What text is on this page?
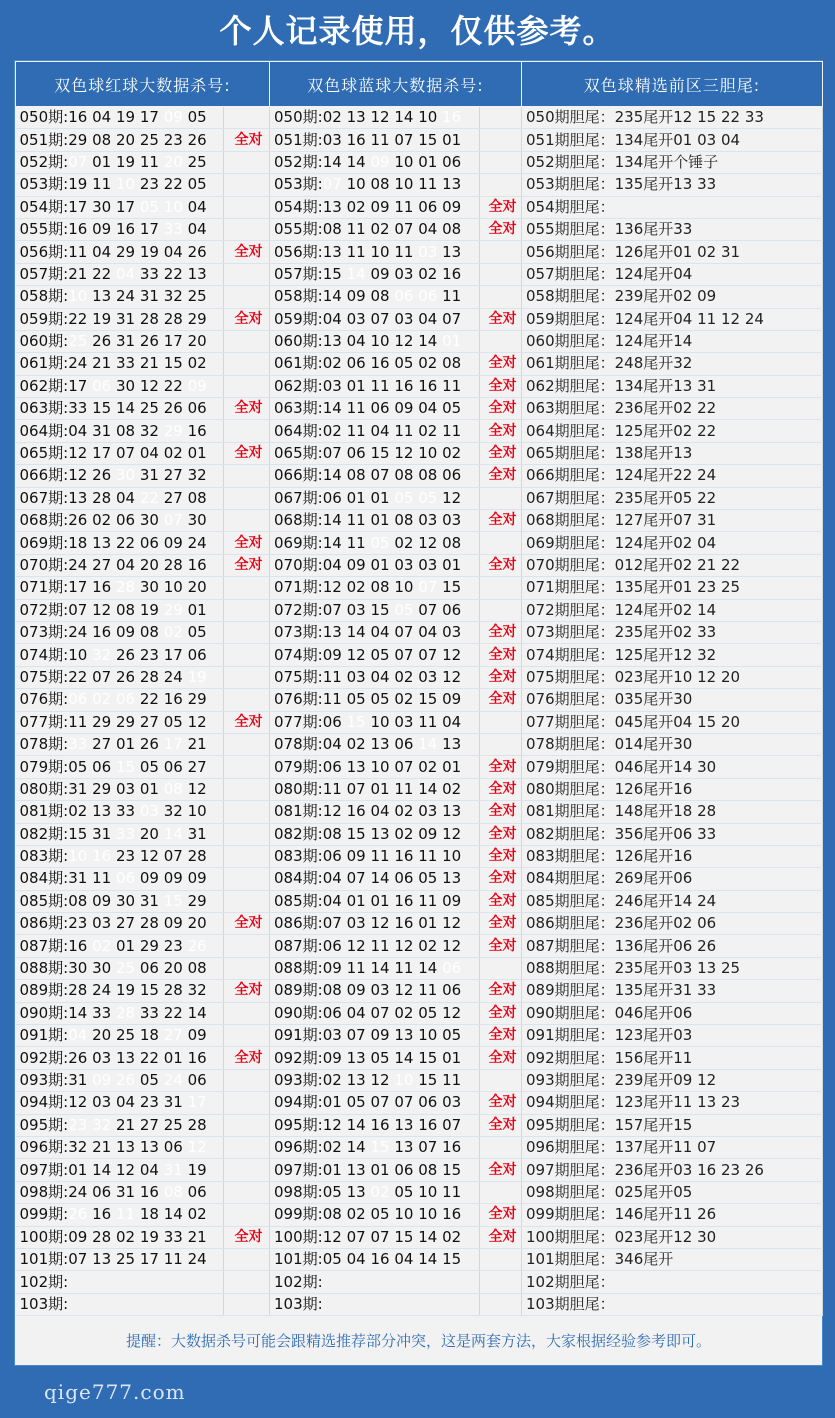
个人记录使用，仅供参考。
双色球红球大数据杀号:		双色球蓝球大数据杀号:		双色球精选前区三胆尾:
050期:16 04 19 17 09 05		050期:02 13 12 14 10 16		050期胆尾：235尾开12 15 22 33
051期:29 08 20 25 23 26	全对	051期:03 16 11 07 15 01		051期胆尾：134尾开01 03 04
052期:07 01 19 11 20 25		052期:14 14 09 10 01 06		052期胆尾：134尾开个锤子
053期:19 11 10 23 22 05		053期:07 10 08 10 11 13		053期胆尾：135尾开13 33
054期:17 30 17 05 10 04		054期:13 02 09 11 06 09	全对	054期胆尾：
055期:16 09 16 17 33 04		055期:08 11 02 07 04 08	全对	055期胆尾：136尾开33
056期:11 04 29 19 04 26	全对	056期:13 11 10 11 03 13		056期胆尾：126尾开01 02 31
057期:21 22 04 33 22 13		057期:15 14 09 03 02 16		057期胆尾：124尾开04
058期:10 13 24 31 32 25		058期:14 09 08 06 06 11		058期胆尾：239尾开02 09
059期:22 19 31 28 28 29	全对	059期:04 03 07 03 04 07	全对	059期胆尾：124尾开04 11 12 24
060期:25 26 31 26 17 20		060期:13 04 10 12 14 01		060期胆尾：124尾开14
061期:24 21 33 21 15 02		061期:02 06 16 05 02 08	全对	061期胆尾：248尾开32
062期:17 06 30 12 22 09		062期:03 01 11 16 16 11	全对	062期胆尾：134尾开13 31
063期:33 15 14 25 26 06	全对	063期:14 11 06 09 04 05	全对	063期胆尾：236尾开02 22
064期:04 31 08 32 29 16		064期:02 11 04 11 02 11	全对	064期胆尾：125尾开02 22
065期:12 17 07 04 02 01	全对	065期:07 06 15 12 10 02	全对	065期胆尾：138尾开13
066期:12 26 30 31 27 32		066期:14 08 07 08 08 06	全对	066期胆尾：124尾开22 24
067期:13 28 04 22 27 08		067期:06 01 01 05 05 12		067期胆尾：235尾开05 22
068期:26 02 06 30 07 30		068期:14 11 01 08 03 03	全对	068期胆尾：127尾开07 31
069期:18 13 22 06 09 24	全对	069期:14 11 05 02 12 08		069期胆尾：124尾开02 04
070期:24 27 04 20 28 16	全对	070期:04 09 01 03 03 01	全对	070期胆尾：012尾开02 21 22
071期:17 16 28 30 10 20		071期:12 02 08 10 07 15		071期胆尾：135尾开01 23 25
072期:07 12 08 19 29 01		072期:07 03 15 05 07 06		072期胆尾：124尾开02 14
073期:24 16 09 08 02 05		073期:13 14 04 07 04 03	全对	073期胆尾：235尾开02 33
074期:10 32 26 23 17 06		074期:09 12 05 07 07 12	全对	074期胆尾：125尾开12 32
075期:22 07 26 28 24 19		075期:11 03 04 02 03 12	全对	075期胆尾：023尾开10 12 20
076期:06 02 06 22 16 29		076期:11 05 05 02 15 09	全对	076期胆尾：035尾开30
077期:11 29 29 27 05 12	全对	077期:06 15 10 03 11 04		077期胆尾：045尾开04 15 20
078期:33 27 01 26 17 21		078期:04 02 13 06 14 13		078期胆尾：014尾开30
079期:05 06 15 05 06 27		079期:06 13 10 07 02 01	全对	079期胆尾：046尾开14 30
080期:31 29 03 01 08 12		080期:11 07 01 11 14 02	全对	080期胆尾：126尾开16
081期:02 13 33 03 32 10		081期:12 16 04 02 03 13	全对	081期胆尾：148尾开18 28
082期:15 31 33 20 14 31		082期:08 15 13 02 09 12	全对	082期胆尾：356尾开06 33
083期:10 16 23 12 07 28		083期:06 09 11 16 11 10	全对	083期胆尾：126尾开16
084期:31 11 06 09 09 09		084期:04 07 14 06 05 13	全对	084期胆尾：269尾开06
085期:08 09 30 31 15 29		085期:04 01 01 16 11 09	全对	085期胆尾：246尾开14 24
086期:23 03 27 28 09 20	全对	086期:07 03 12 16 01 12	全对	086期胆尾：236尾开02 06
087期:16 02 01 29 23 26		087期:06 12 11 12 02 12	全对	087期胆尾：136尾开06 26
088期:30 30 25 06 20 08		088期:09 11 14 11 14 06		088期胆尾：235尾开03 13 25
089期:28 24 19 15 28 32	全对	089期:08 09 03 12 11 06	全对	089期胆尾：135尾开31 33
090期:14 33 28 33 22 14		090期:06 04 07 02 05 12	全对	090期胆尾：046尾开06
091期:04 20 25 18 27 09		091期:03 07 09 13 10 05	全对	091期胆尾：123尾开03
092期:26 03 13 22 01 16	全对	092期:09 13 05 14 15 01	全对	092期胆尾：156尾开11
093期:31 09 26 05 24 06		093期:02 13 12 10 15 11		093期胆尾：239尾开09 12
094期:12 03 04 23 31 17		094期:01 05 07 07 06 03	全对	094期胆尾：123尾开11 13 23
095期:23 32 21 27 25 28		095期:12 14 16 13 16 07	全对	095期胆尾：157尾开15
096期:32 21 13 13 06 12		096期:02 14 15 13 07 16		096期胆尾：137尾开11 07
097期:01 14 12 04 31 19		097期:01 13 01 06 08 15	全对	097期胆尾：236尾开03 16 23 26
098期:24 06 31 16 08 06		098期:05 13 02 05 10 11		098期胆尾：025尾开05
099期:26 16 11 18 14 02		099期:08 02 05 10 10 16	全对	099期胆尾：146尾开11 26
100期:09 28 02 19 33 21	全对	100期:12 07 07 15 14 02	全对	100期胆尾：023尾开12 30
101期:07 13 25 17 11 24		101期:05 04 16 04 14 15		101期胆尾：346尾开
102期:		102期:		102期胆尾：
103期:		103期:		103期胆尾：
提醒：大数据杀号可能会跟精选推荐部分冲突，这是两套方法，大家根据经验参考即可。
qige777.com
